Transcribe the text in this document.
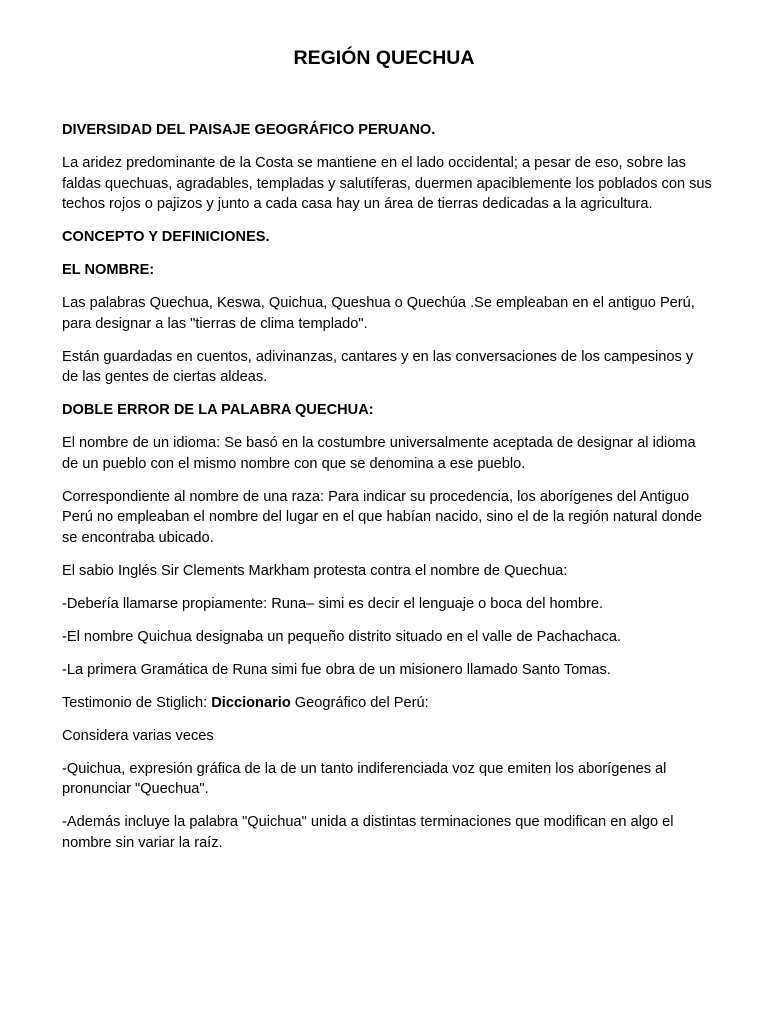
REGIÓN QUECHUA

DIVERSIDAD DEL PAISAJE GEOGRÁFICO PERUANO.

La aridez predominante de la Costa se mantiene en el lado occidental; a pesar de eso, sobre las faldas quechuas, agradables, templadas y salutíferas, duermen apaciblemente los poblados con sus techos rojos o pajizos y junto a cada casa hay un área de tierras dedicadas a la agricultura.

CONCEPTO Y DEFINICIONES.

EL NOMBRE:

Las palabras Quechua, Keswa, Quichua, Queshua o Quechúa .Se empleaban en el antiguo Perú, para designar a las "tierras de clima templado".

Están guardadas en cuentos, adivinanzas, cantares y en las conversaciones de los campesinos y de las gentes de ciertas aldeas.

DOBLE ERROR DE LA PALABRA QUECHUA:

El nombre de un idioma: Se basó en la costumbre universalmente aceptada de designar al idioma de un pueblo con el mismo nombre con que se denomina a ese pueblo.

Correspondiente al nombre de una raza: Para indicar su procedencia, los aborígenes del Antiguo Perú no empleaban el nombre del lugar en el que habían nacido, sino el de la región natural donde se encontraba ubicado.

El sabio Inglés Sir Clements Markham protesta contra el nombre de Quechua:

-Debería llamarse propiamente: Runa– simi es decir el lenguaje o boca del hombre.

-El nombre Quichua designaba un pequeño distrito situado en el valle de Pachachaca.

-La primera Gramática de Runa simi fue obra de un misionero llamado Santo Tomas.

Testimonio de Stiglich: Diccionario Geográfico del Perú:

Considera varias veces

-Quichua, expresión gráfica de la de un tanto indiferenciada voz que emiten los aborígenes al pronunciar "Quechua".

-Además incluye la palabra "Quichua" unida a distintas terminaciones que modifican en algo el nombre sin variar la raíz.
